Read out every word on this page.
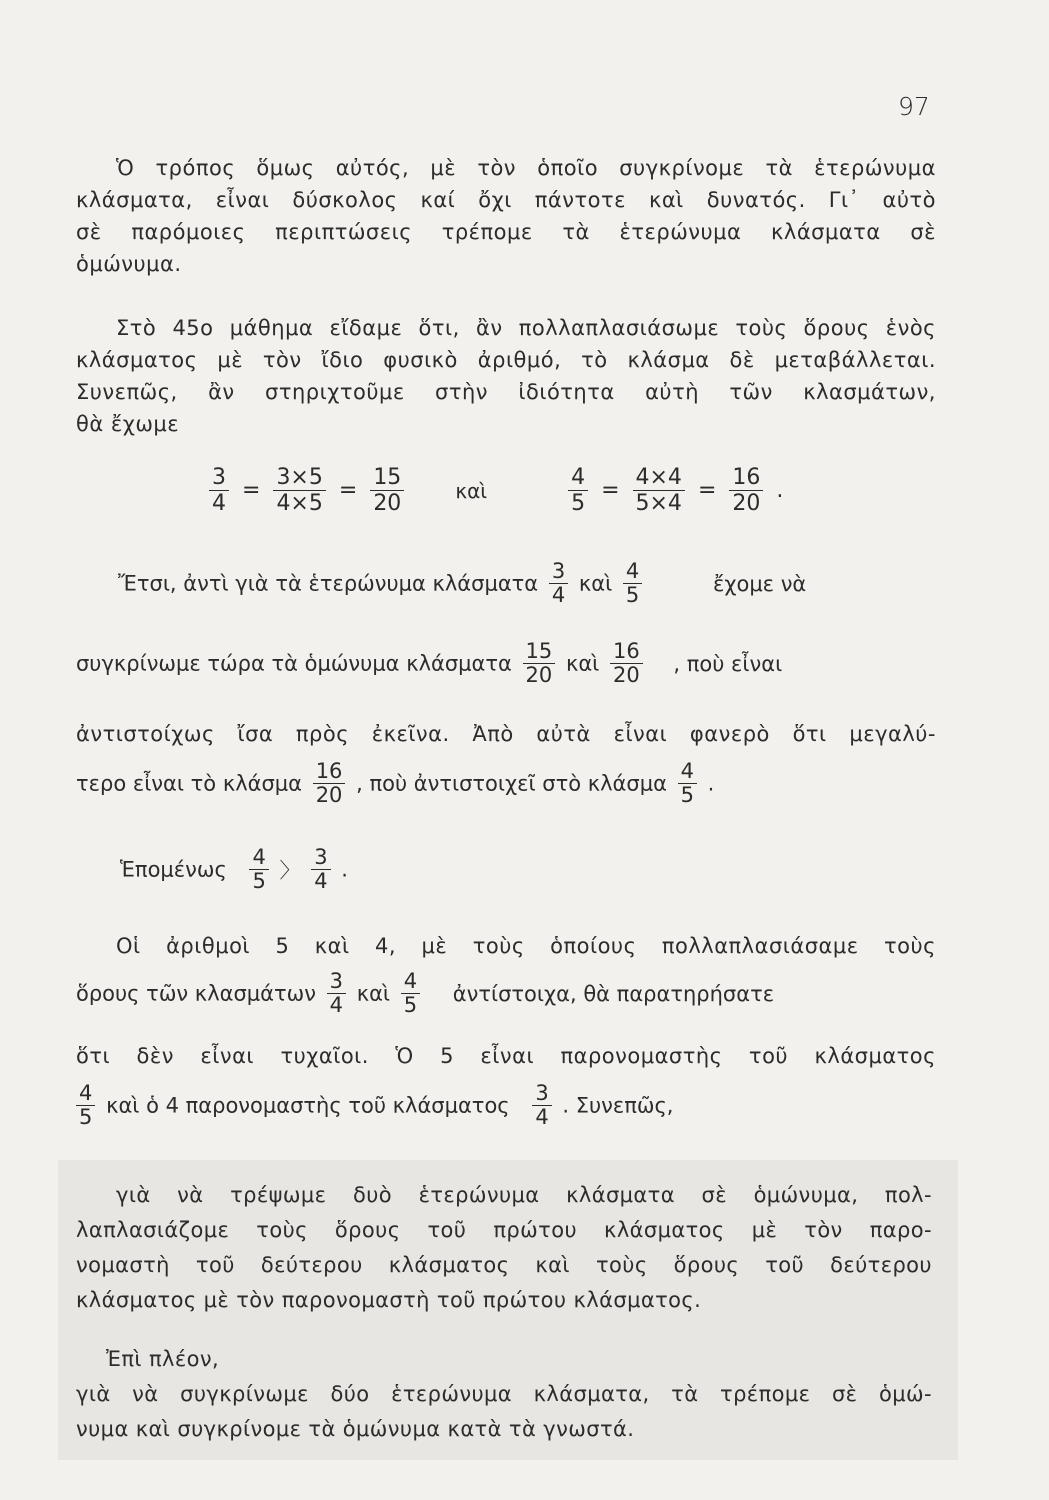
97
Ὁ τρόπος ὅμως αὐτός, μὲ τὸν ὁποῖο συγκρίνομε τὰ ἑτερώνυμα
κλάσματα, εἶναι δύσκολος καί ὄχι πάντοτε καὶ δυνατός. Γι᾽ αὐτὸ
σὲ παρόμοιες περιπτώσεις τρέπομε τὰ ἑτερώνυμα κλάσματα σὲ
ὁμώνυμα.
Στὸ 45ο μάθημα εἴδαμε ὅτι, ἂν πολλαπλασιάσωμε τοὺς ὅρους ἑνὸς
κλάσματος μὲ τὸν ἴδιο φυσικὸ ἀριθμό, τὸ κλάσμα δὲ μεταβάλλεται.
Συνεπῶς, ἂν στηριχτοῦμε στὴν ἰδιότητα αὐτὴ τῶν κλασμάτων,
θὰ ἔχωμε
$\frac{3}{4} = \frac{3\times 5}{4\times 5} = \frac{15}{20}$	καὶ	$\frac{4}{5} = \frac{4\times 4}{5\times 4} = \frac{16}{20}$ .
Ἔτσι, ἀντὶ γιὰ τὰ ἑτερώνυμα κλάσματα $\frac{3}{4}$ καὶ $\frac{4}{5}$	ἔχομε νὰ
συγκρίνωμε τώρα τὰ ὁμώνυμα κλάσματα $\frac{15}{20}$ καὶ $\frac{16}{20}$ , ποὺ εἶναι
ἀντιστοίχως ἴσα πρὸς ἐκεῖνα. Ἀπὸ αὐτὰ εἶναι φανερὸ ὅτι μεγαλύ-
τερο εἶναι τὸ κλάσμα $\frac{16}{20}$ , ποὺ ἀντιστοιχεῖ στὸ κλάσμα $\frac{4}{5}$ .
Ἑπομένως $\frac{4}{5}$ 〉 $\frac{3}{4}$ .
Οἱ ἀριθμοὶ 5 καὶ 4, μὲ τοὺς ὁποίους πολλαπλασιάσαμε τοὺς
ὅρους τῶν κλασμάτων $\frac{3}{4}$ καὶ $\frac{4}{5}$ ἀντίστοιχα, θὰ παρατηρήσατε
ὅτι δὲν εἶναι τυχαῖοι. Ὁ 5 εἶναι παρονομαστὴς τοῦ κλάσματος
$\frac{4}{5}$ καὶ ὁ 4 παρονομαστὴς τοῦ κλάσματος $\frac{3}{4}$ . Συνεπῶς,
γιὰ νὰ τρέψωμε δυὸ ἑτερώνυμα κλάσματα σὲ ὁμώνυμα, πολ-
λαπλασιάζομε τοὺς ὅρους τοῦ πρώτου κλάσματος μὲ τὸν παρο-
νομαστὴ τοῦ δεύτερου κλάσματος καὶ τοὺς ὅρους τοῦ δεύτερου
κλάσματος μὲ τὸν παρονομαστὴ τοῦ πρώτου κλάσματος.
Ἐπὶ πλέον,
γιὰ νὰ συγκρίνωμε δύο ἑτερώνυμα κλάσματα, τὰ τρέπομε σὲ ὁμώ-
νυμα καὶ συγκρίνομε τὰ ὁμώνυμα κατὰ τὰ γνωστά.
